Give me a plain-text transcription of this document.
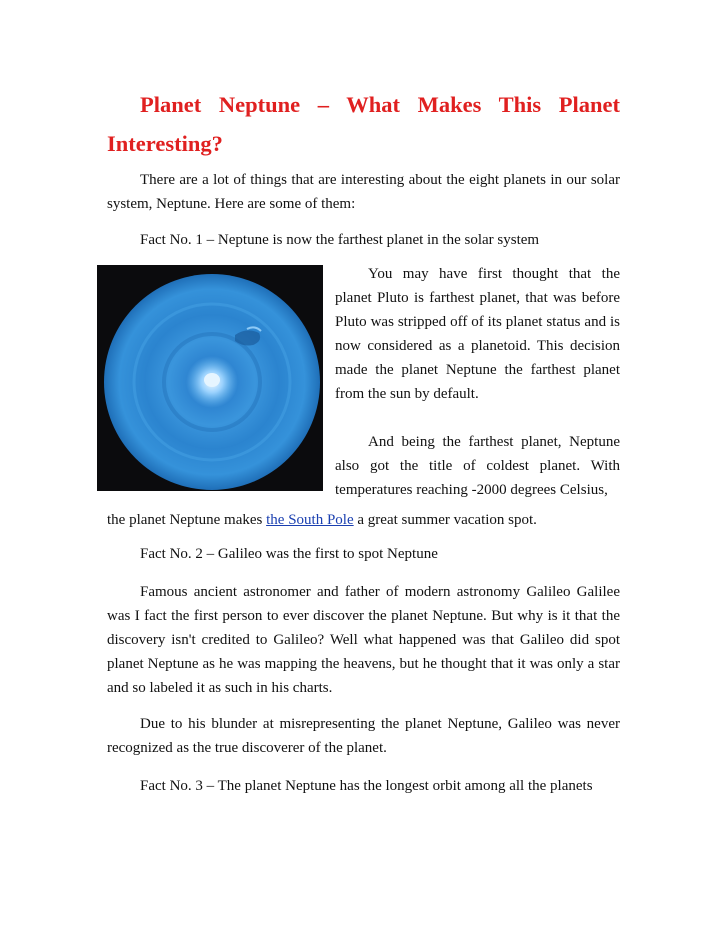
Planet Neptune – What Makes This Planet Interesting?

There are a lot of things that are interesting about the eight planets in our solar system, Neptune. Here are some of them:

Fact No. 1 – Neptune is now the farthest planet in the solar system

You may have first thought that the planet Pluto is farthest planet, that was before Pluto was stripped off of its planet status and is now considered as a planetoid. This decision made the planet Neptune the farthest planet from the sun by default.

And being the farthest planet, Neptune also got the title of coldest planet. With temperatures reaching -2000 degrees Celsius,

the planet Neptune makes the South Pole a great summer vacation spot.

Fact No. 2 – Galileo was the first to spot Neptune

Famous ancient astronomer and father of modern astronomy Galileo Galilee was I fact the first person to ever discover the planet Neptune. But why is it that the discovery isn't credited to Galileo? Well what happened was that Galileo did spot planet Neptune as he was mapping the heavens, but he thought that it was only a star and so labeled it as such in his charts.

Due to his blunder at misrepresenting the planet Neptune, Galileo was never recognized as the true discoverer of the planet.

Fact No. 3 – The planet Neptune has the longest orbit among all the planets
